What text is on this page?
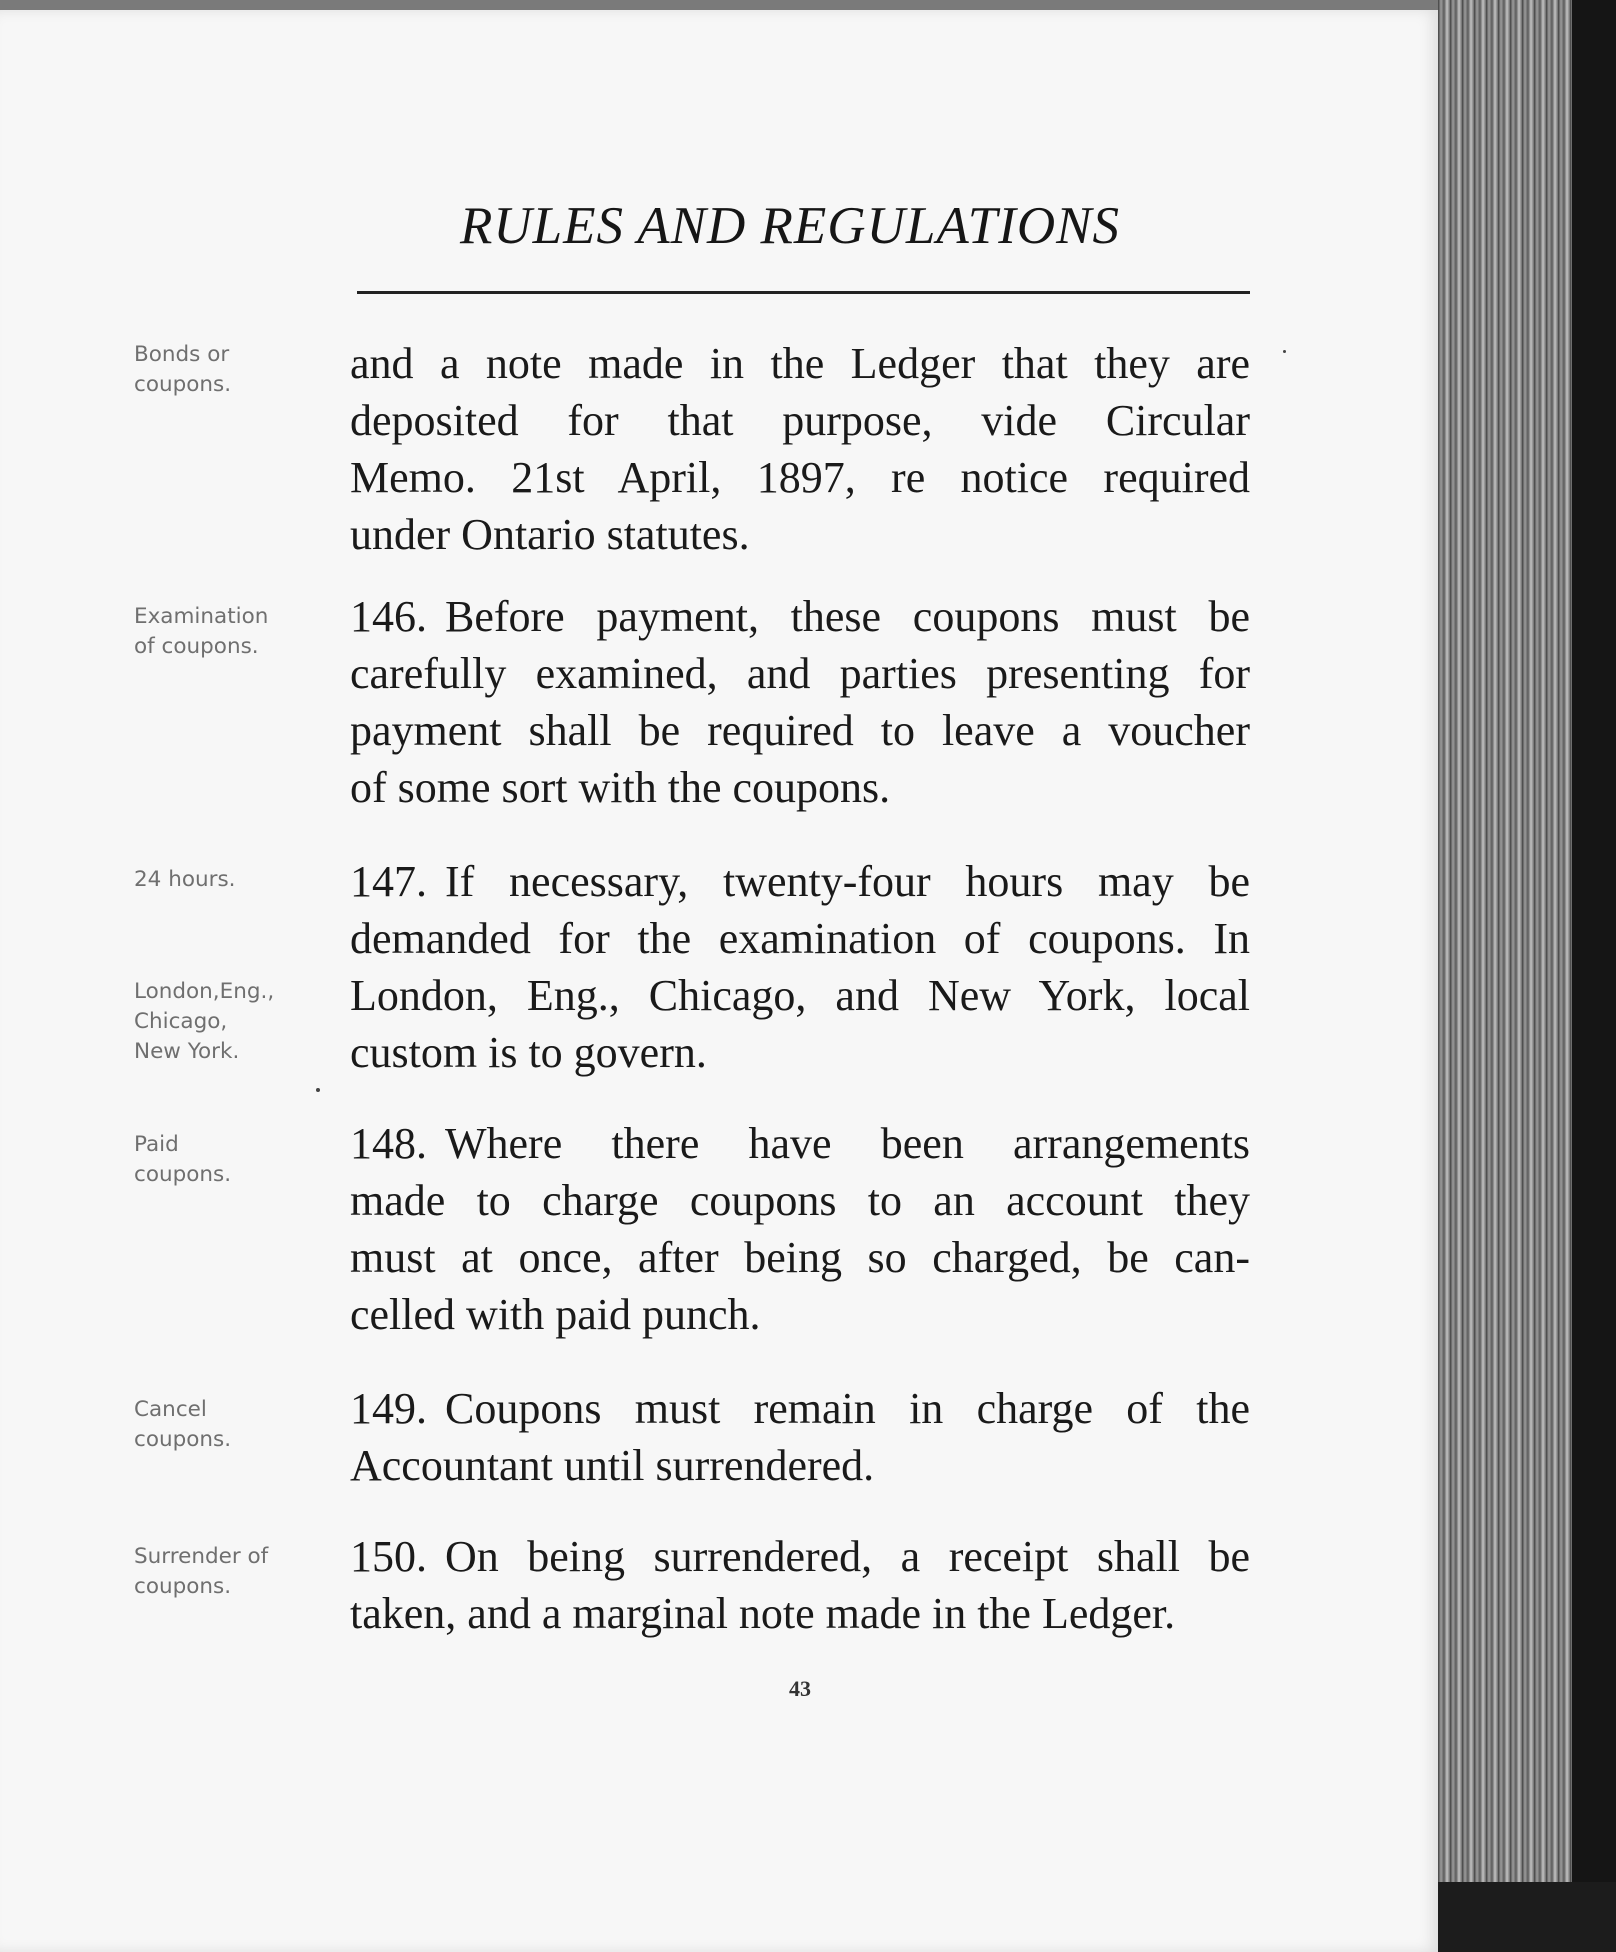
RULES AND REGULATIONS
Bonds or
coupons.	and a note made in the Ledger that they are
deposited for that purpose, vide Circular
Memo. 21st April, 1897, re notice required
under Ontario statutes.
Examination
of coupons.
146. Before payment, these coupons must be
carefully examined, and parties presenting for
payment shall be required to leave a voucher
of some sort with the coupons.
24 hours.
London,Eng.,
Chicago,
New York.
147. If necessary, twenty-four hours may be
demanded for the examination of coupons. In
London, Eng., Chicago, and New York, local
custom is to govern.
Paid
coupons.
148. Where there have been arrangements
made to charge coupons to an account they
must at once, after being so charged, be can-
celled with paid punch.
Cancel
coupons.
149. Coupons must remain in charge of the
Accountant until surrendered.
Surrender of
coupons.
150. On being surrendered, a receipt shall be
taken, and a marginal note made in the Ledger.
43
